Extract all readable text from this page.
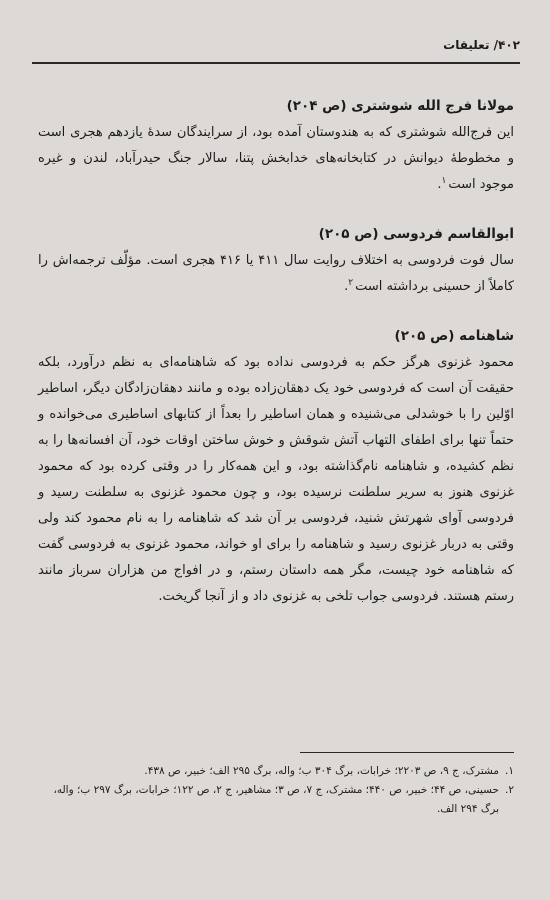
۴۰۲/ تعلیقات
مولانا فرج الله شوشتری (ص ۲۰۴)

این فرج‌الله شوشتری که به هندوستان آمده بود، از سرایندگان سدهٔ یازدهم هجری است و مخطوطهٔ دیوانش در کتابخانه‌های خدابخش پتنا، سالار جنگ حیدرآباد، لندن و غیره موجود است$^۱$.

ابوالقاسم فردوسی (ص ۲۰۵)

سال فوت فردوسی به اختلاف روایت سال ۴۱۱ یا ۴۱۶ هجری است. مؤلّف ترجمه‌اش را کاملاً از حسینی برداشته است$^۲$.

شاهنامه (ص ۲۰۵)

محمود غزنوی هرگز حکم به فردوسی نداده بود که شاهنامه‌ای به نظم درآورد، بلکه حقیقت آن است که فردوسی خود یک دهقان‌زاده بوده و مانند دهقان‌زادگان دیگر، اساطیر اوّلین را با خوشدلی می‌شنیده و همان اساطیر را بعداً از کتابهای اساطیری می‌خوانده و حتماً تنها برای اطفای التهاب آتش شوقش و خوش ساختن اوقات خود، آن افسانه‌ها را به نظم کشیده، و شاهنامه نام‌گذاشته بود، و این همه‌کار را در وقتی کرده بود که محمود غزنوی هنوز به سریر سلطنت نرسیده بود، و چون محمود غزنوی به سلطنت رسید و فردوسی آوای شهرتش شنید، فردوسی بر آن شد که شاهنامه را به نام محمود کند ولی وقتی به دربار غزنوی رسید و شاهنامه را برای او خواند، محمود غزنوی به فردوسی گفت که شاهنامه خود چیست، مگر همه داستان رستم، و در افواج من هزاران سرباز مانند رستم هستند. فردوسی جواب تلخی به غزنوی داد و از آنجا گریخت.

۱.
مشترک، ج ۹، ص ۲۲۰۳؛ خرابات، برگ ۳۰۴ ب؛ واله، برگ ۲۹۵ الف؛ خبیر، ص ۴۳۸.
۲.
حسینی، ص ۴۴؛ خبیر، ص ۴۴۰؛ مشترک، ج ۷، ص ۳؛ مشاهیر، ج ۲، ص ۱۲۲؛ خرابات، برگ ۲۹۷ ب؛ واله، برگ ۲۹۴ الف.
